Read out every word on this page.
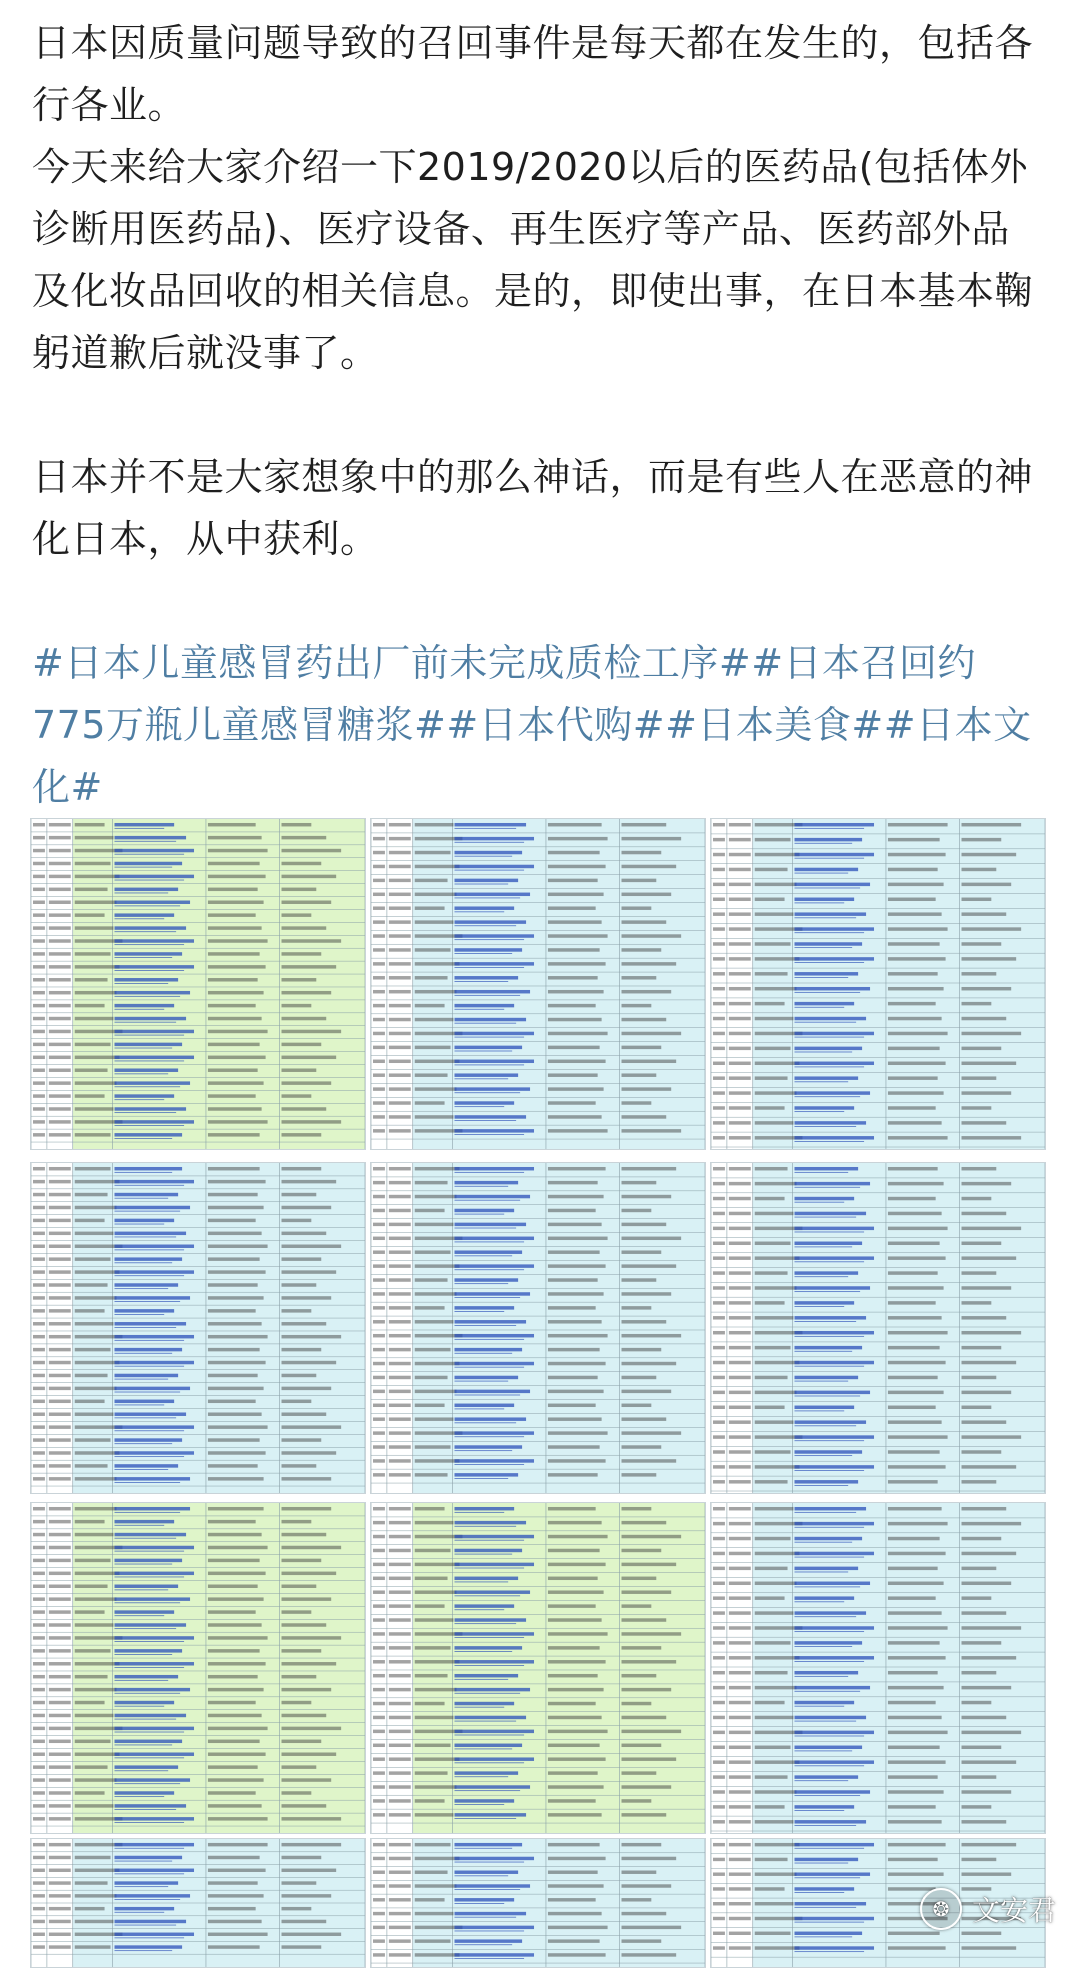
日本因质量问题导致的召回事件是每天都在发生的，包括各行各业。
今天来给大家介绍一下2019/2020以后的医药品(包括体外诊断用医药品)、医疗设备、再生医疗等产品、医药部外品及化妆品回收的相关信息。是的，即使出事，在日本基本鞠躬道歉后就没事了。
日本并不是大家想象中的那么神话，而是有些人在恶意的神化日本，从中获利。
#日本儿童感冒药出厂前未完成质检工序##日本召回约775万瓶儿童感冒糖浆##日本代购##日本美食##日本文化#
❂ 文安君
